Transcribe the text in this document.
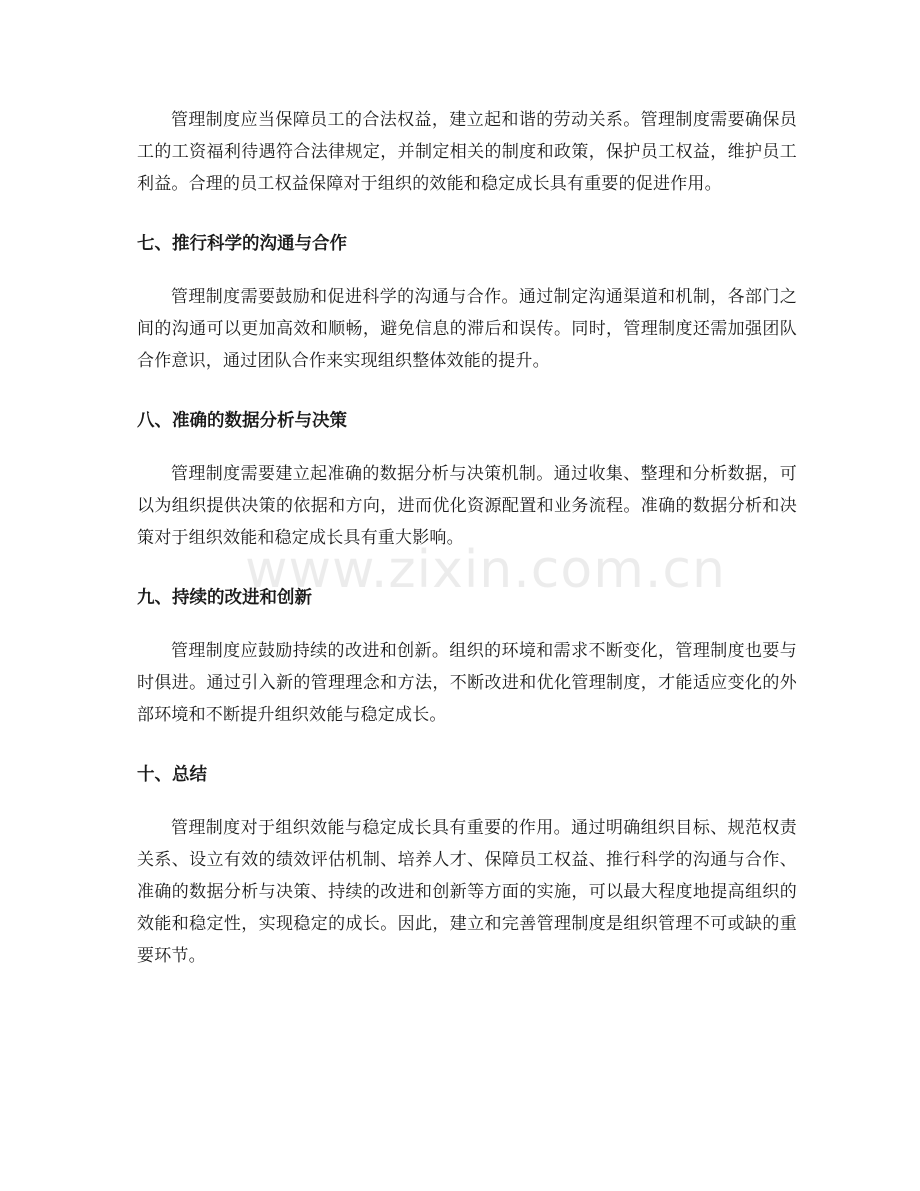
管理制度应当保障员工的合法权益，建立起和谐的劳动关系。管理制度需要确保员工的工资福利待遇符合法律规定，并制定相关的制度和政策，保护员工权益，维护员工利益。合理的员工权益保障对于组织的效能和稳定成长具有重要的促进作用。

七、推行科学的沟通与合作

管理制度需要鼓励和促进科学的沟通与合作。通过制定沟通渠道和机制，各部门之间的沟通可以更加高效和顺畅，避免信息的滞后和误传。同时，管理制度还需加强团队合作意识，通过团队合作来实现组织整体效能的提升。

八、准确的数据分析与决策

管理制度需要建立起准确的数据分析与决策机制。通过收集、整理和分析数据，可以为组织提供决策的依据和方向，进而优化资源配置和业务流程。准确的数据分析和决策对于组织效能和稳定成长具有重大影响。

九、持续的改进和创新

管理制度应鼓励持续的改进和创新。组织的环境和需求不断变化，管理制度也要与时俱进。通过引入新的管理理念和方法，不断改进和优化管理制度，才能适应变化的外部环境和不断提升组织效能与稳定成长。

十、总结

管理制度对于组织效能与稳定成长具有重要的作用。通过明确组织目标、规范权责关系、设立有效的绩效评估机制、培养人才、保障员工权益、推行科学的沟通与合作、准确的数据分析与决策、持续的改进和创新等方面的实施，可以最大程度地提高组织的效能和稳定性，实现稳定的成长。因此，建立和完善管理制度是组织管理不可或缺的重要环节。

www.zixin.com.cn
